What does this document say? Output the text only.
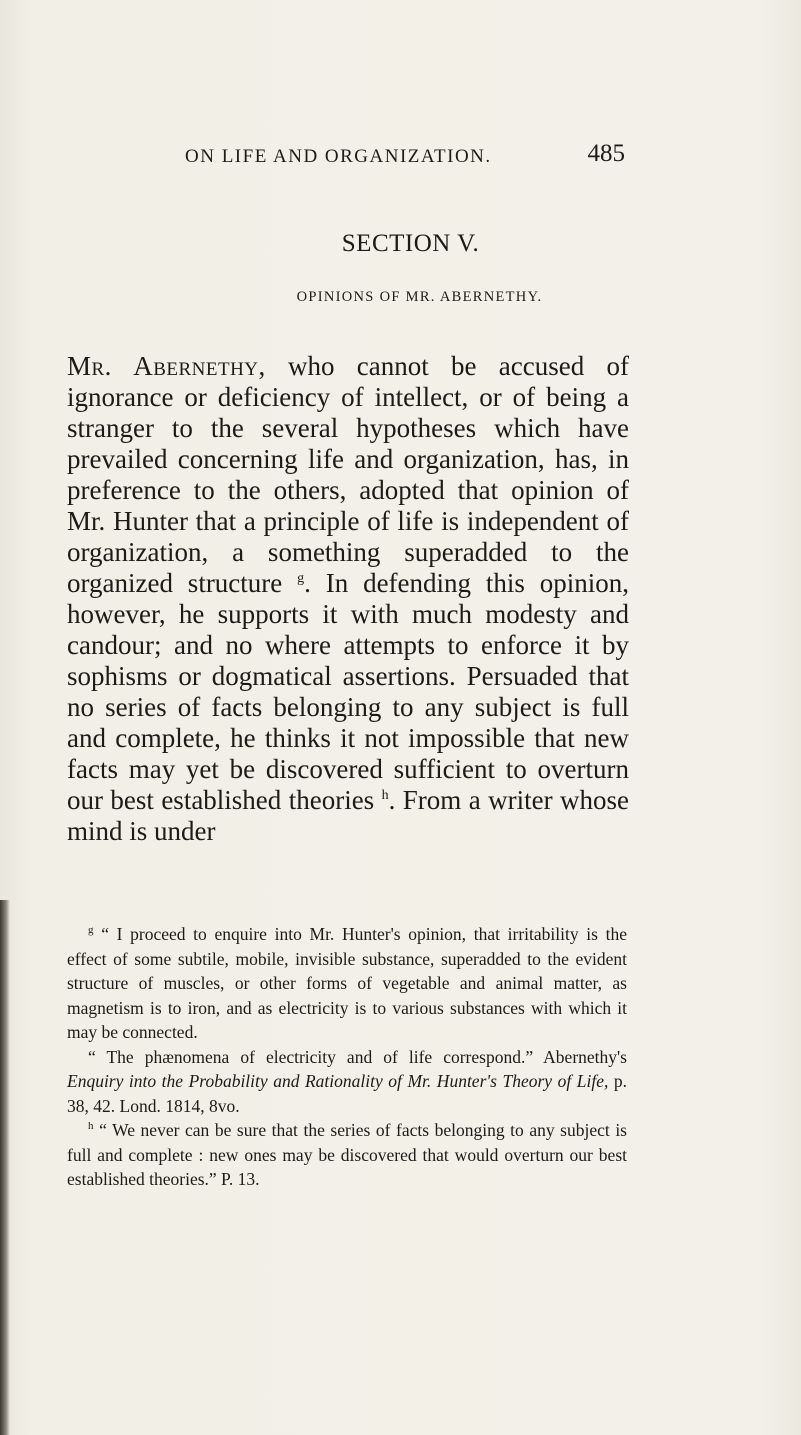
ON LIFE AND ORGANIZATION.	485
SECTION V.
OPINIONS OF MR. ABERNETHY.

Mr. Abernethy, who cannot be accused of ignorance or deficiency of intellect, or of being a stranger to the several hypotheses which have prevailed concerning life and organization, has, in preference to the others, adopted that opinion of Mr. Hunter that a principle of life is independent of organization, a something superadded to the organized structure $^g$. In defending this opinion, however, he supports it with much modesty and candour; and no where attempts to enforce it by sophisms or dogmatical assertions. Persuaded that no series of facts belonging to any subject is full and complete, he thinks it not impossible that new facts may yet be discovered sufficient to overturn our best established theories $^h$. From a writer whose mind is under

$^g$ “ I proceed to enquire into Mr. Hunter's opinion, that irritability is the effect of some subtile, mobile, invisible substance, superadded to the evident structure of muscles, or other forms of vegetable and animal matter, as magnetism is to iron, and as electricity is to various substances with which it may be connected.

“ The phænomena of electricity and of life correspond.” Abernethy's Enquiry into the Probability and Rationality of Mr. Hunter's Theory of Life, p. 38, 42. Lond. 1814, 8vo.

$^h$ “ We never can be sure that the series of facts belonging to any subject is full and complete : new ones may be discovered that would overturn our best established theories.” P. 13.
